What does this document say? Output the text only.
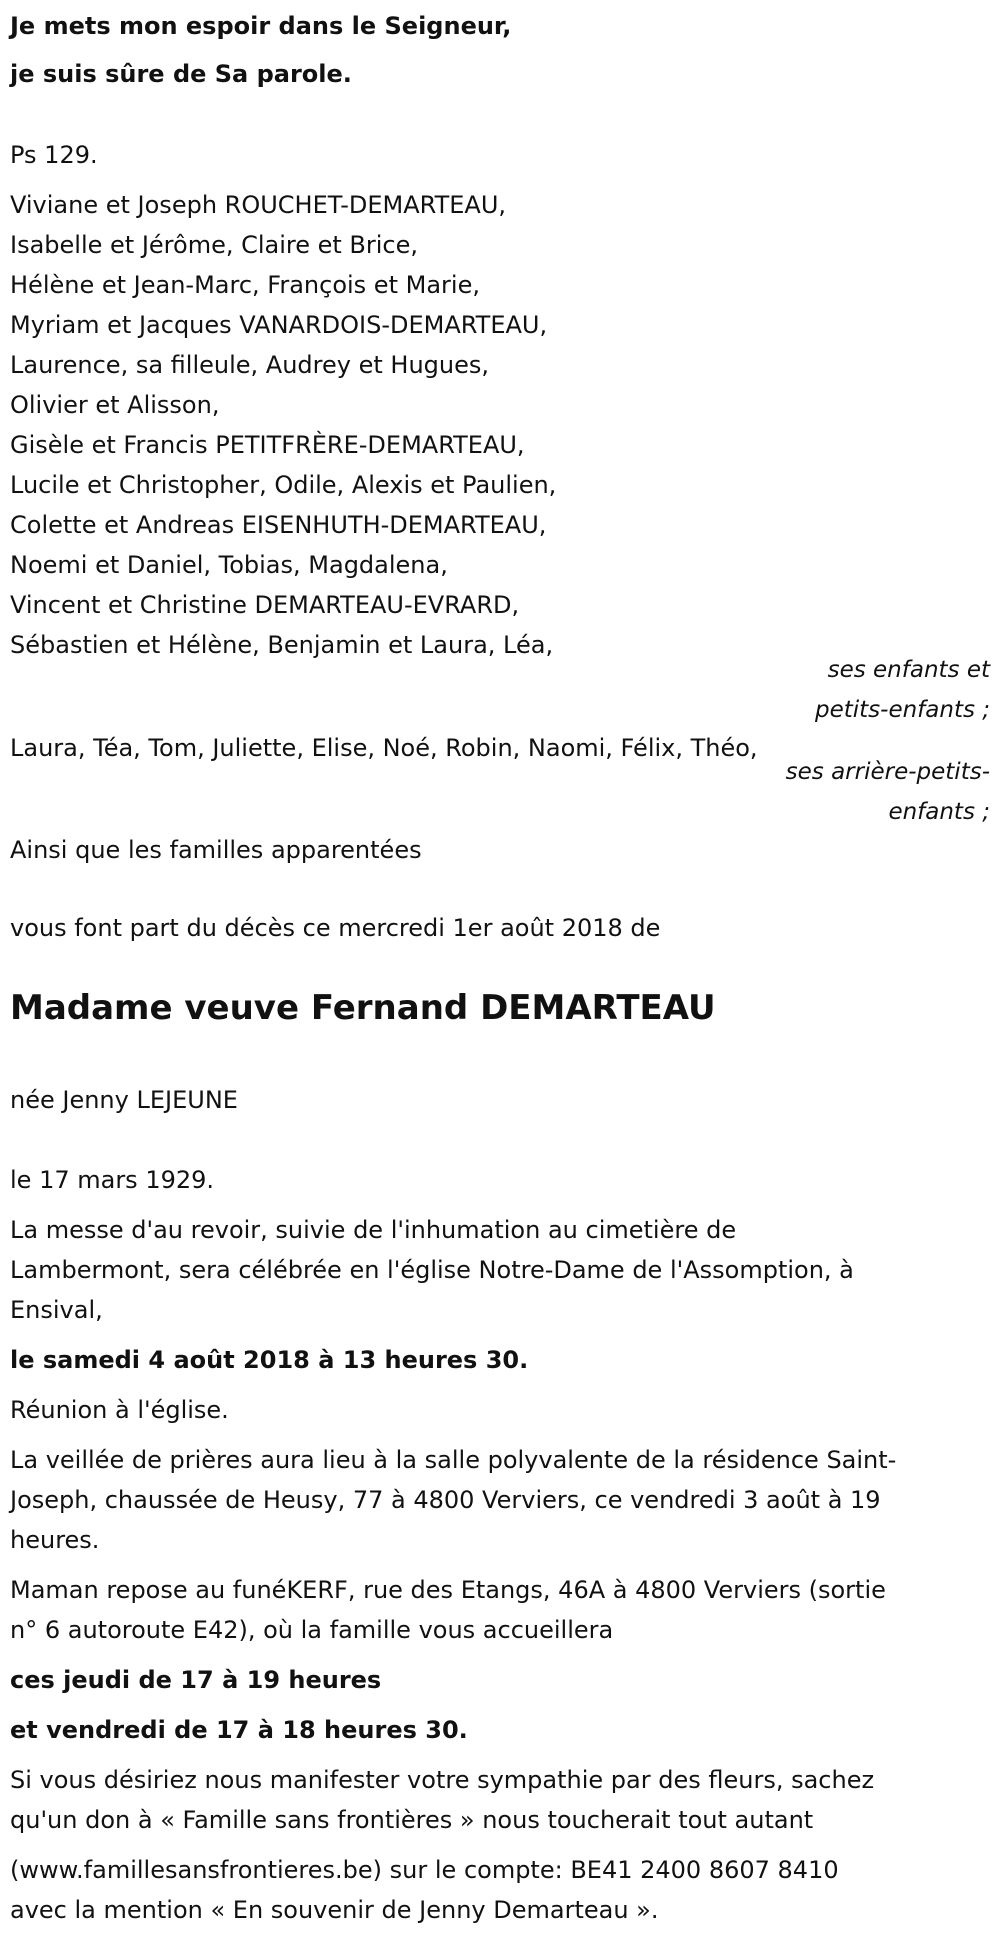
Je mets mon espoir dans le Seigneur,
je suis sûre de Sa parole.
Ps 129.
Viviane et Joseph ROUCHET-DEMARTEAU,
Isabelle et Jérôme, Claire et Brice,
Hélène et Jean-Marc, François et Marie,
Myriam et Jacques VANARDOIS-DEMARTEAU,
Laurence, sa filleule, Audrey et Hugues,
Olivier et Alisson,
Gisèle et Francis PETITFRÈRE-DEMARTEAU,
Lucile et Christopher, Odile, Alexis et Paulien,
Colette et Andreas EISENHUTH-DEMARTEAU,
Noemi et Daniel, Tobias, Magdalena,
Vincent et Christine DEMARTEAU-EVRARD,
Sébastien et Hélène, Benjamin et Laura, Léa,
ses enfants et
petits-enfants ;
Laura, Téa, Tom, Juliette, Elise, Noé, Robin, Naomi, Félix, Théo,
ses arrière-petits-
enfants ;
Ainsi que les familles apparentées
vous font part du décès ce mercredi 1er août 2018 de
Madame veuve Fernand DEMARTEAU
née Jenny LEJEUNE
le 17 mars 1929.
La messe d'au revoir, suivie de l'inhumation au cimetière de
Lambermont, sera célébrée en l'église Notre-Dame de l'Assomption, à
Ensival,
le samedi 4 août 2018 à 13 heures 30.
Réunion à l'église.
La veillée de prières aura lieu à la salle polyvalente de la résidence Saint-
Joseph, chaussée de Heusy, 77 à 4800 Verviers, ce vendredi 3 août à 19
heures.
Maman repose au funéKERF, rue des Etangs, 46A à 4800 Verviers (sortie
n° 6 autoroute E42), où la famille vous accueillera
ces jeudi de 17 à 19 heures
et vendredi de 17 à 18 heures 30.
Si vous désiriez nous manifester votre sympathie par des fleurs, sachez
qu'un don à « Famille sans frontières » nous toucherait tout autant
(www.famillesansfrontieres.be) sur le compte: BE41 2400 8607 8410
avec la mention « En souvenir de Jenny Demarteau ».
